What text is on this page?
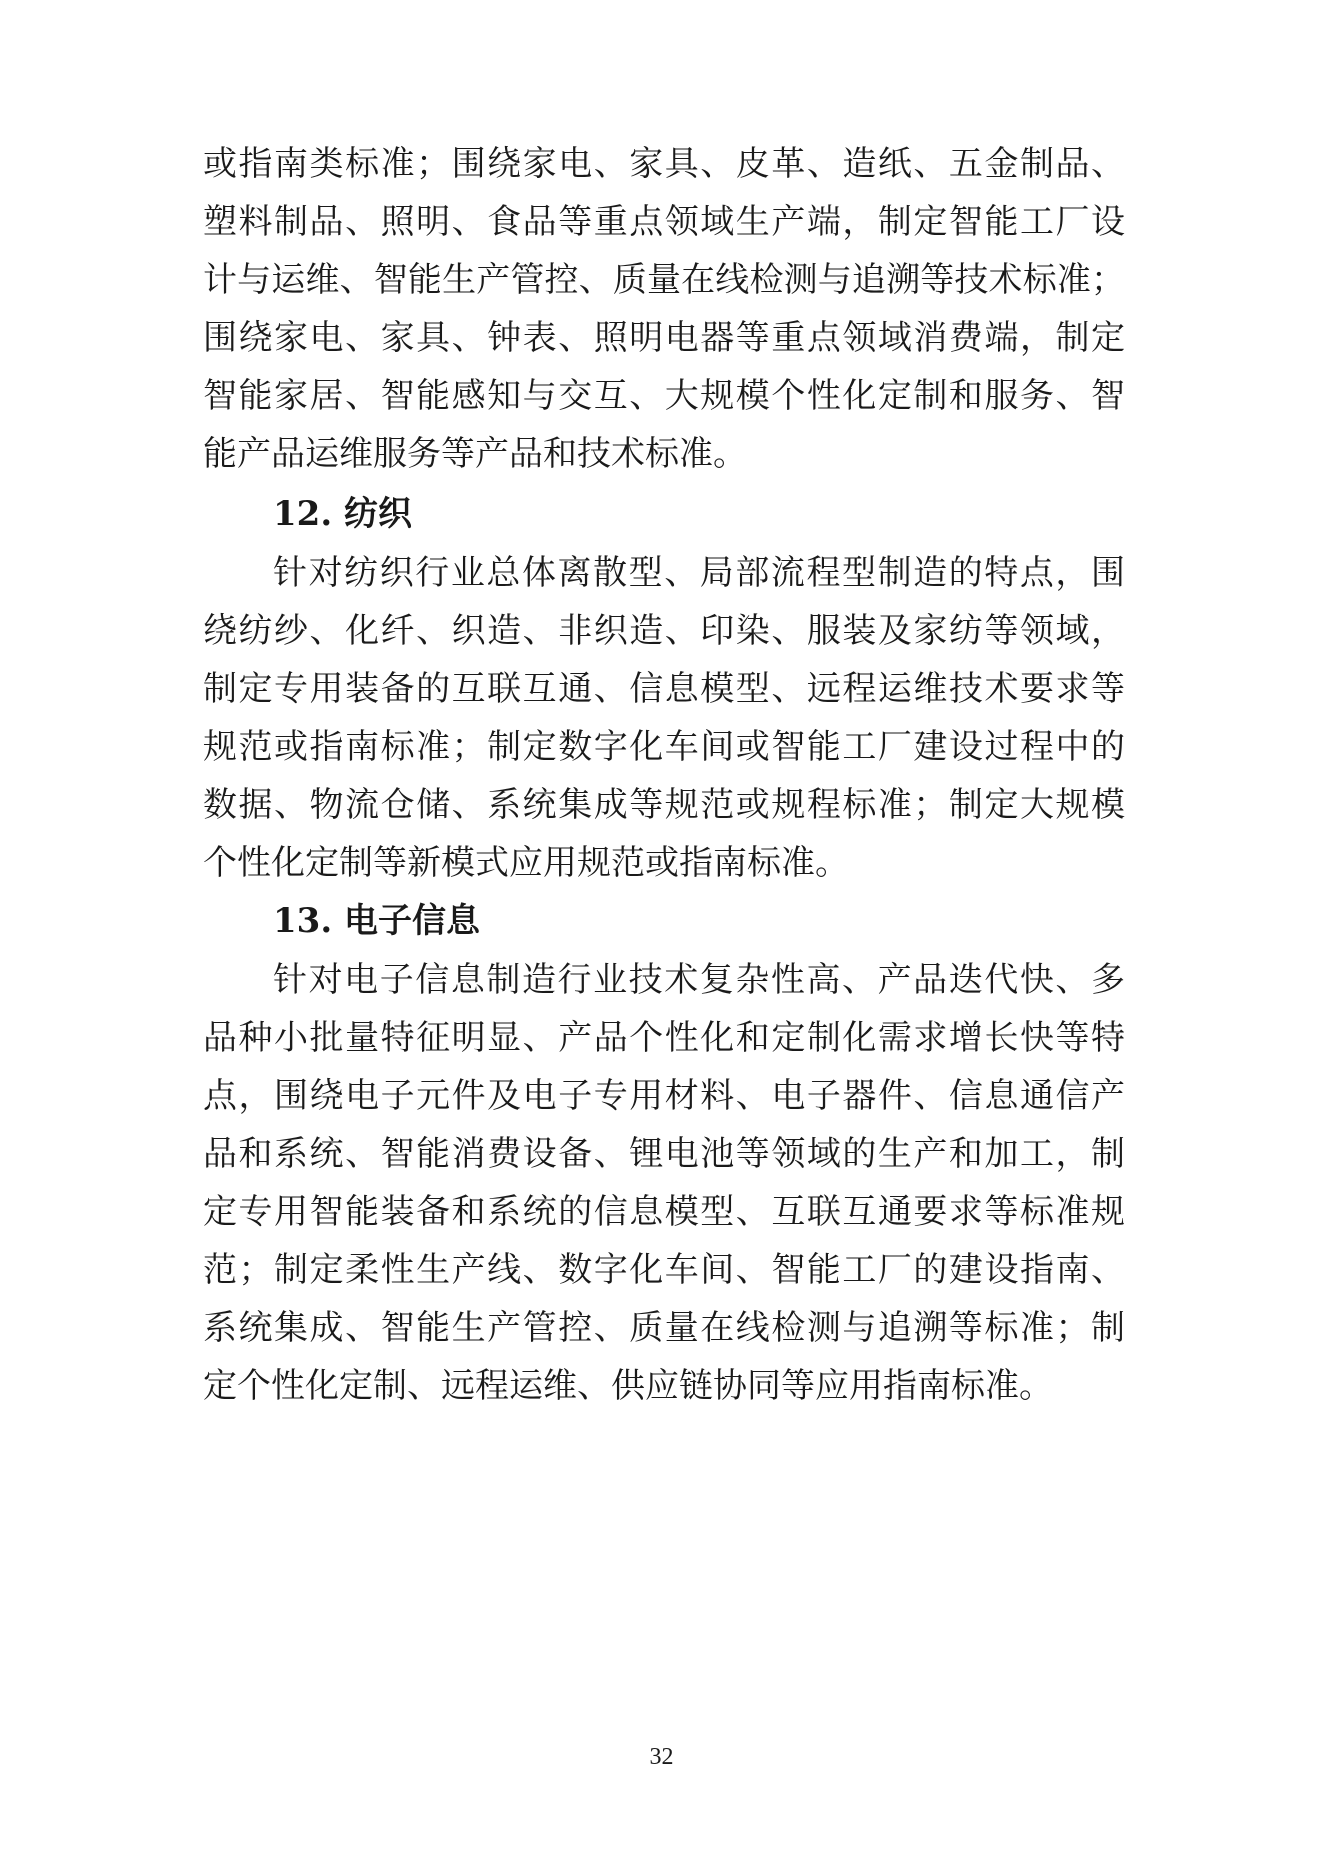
或指南类标准；围绕家电、家具、皮革、造纸、五金制品、
塑料制品、照明、食品等重点领域生产端，制定智能工厂设
计与运维、智能生产管控、质量在线检测与追溯等技术标准；
围绕家电、家具、钟表、照明电器等重点领域消费端，制定
智能家居、智能感知与交互、大规模个性化定制和服务、智
能产品运维服务等产品和技术标准。
12. 纺织
针对纺织行业总体离散型、局部流程型制造的特点，围
绕纺纱、化纤、织造、非织造、印染、服装及家纺等领域，
制定专用装备的互联互通、信息模型、远程运维技术要求等
规范或指南标准；制定数字化车间或智能工厂建设过程中的
数据、物流仓储、系统集成等规范或规程标准；制定大规模
个性化定制等新模式应用规范或指南标准。
13. 电子信息
针对电子信息制造行业技术复杂性高、产品迭代快、多
品种小批量特征明显、产品个性化和定制化需求增长快等特
点，围绕电子元件及电子专用材料、电子器件、信息通信产
品和系统、智能消费设备、锂电池等领域的生产和加工，制
定专用智能装备和系统的信息模型、互联互通要求等标准规
范；制定柔性生产线、数字化车间、智能工厂的建设指南、
系统集成、智能生产管控、质量在线检测与追溯等标准；制
定个性化定制、远程运维、供应链协同等应用指南标准。
32
